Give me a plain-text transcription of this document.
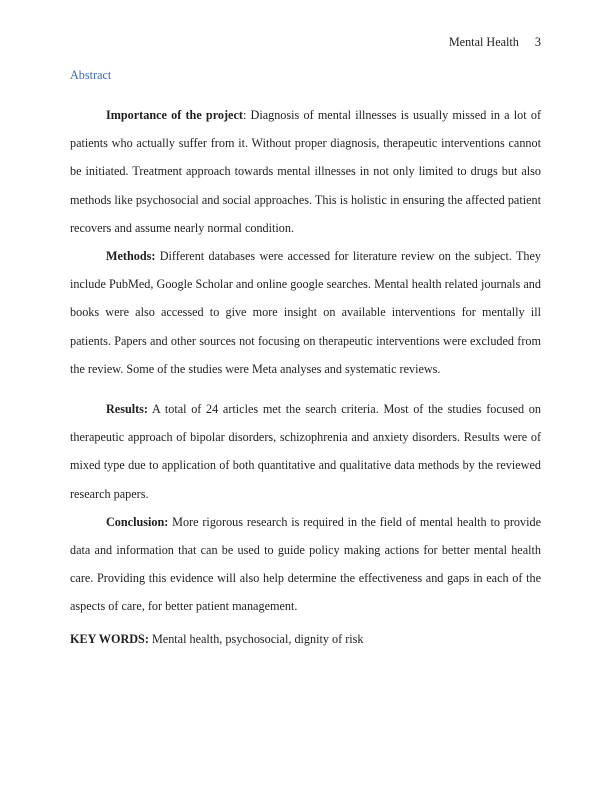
Mental Health 3
Abstract

Importance of the project: Diagnosis of mental illnesses is usually missed in a lot of patients who actually suffer from it. Without proper diagnosis, therapeutic interventions cannot be initiated. Treatment approach towards mental illnesses in not only limited to drugs but also methods like psychosocial and social approaches. This is holistic in ensuring the affected patient recovers and assume nearly normal condition.

Methods: Different databases were accessed for literature review on the subject. They include PubMed, Google Scholar and online google searches. Mental health related journals and books were also accessed to give more insight on available interventions for mentally ill patients. Papers and other sources not focusing on therapeutic interventions were excluded from the review. Some of the studies were Meta analyses and systematic reviews.

Results: A total of 24 articles met the search criteria. Most of the studies focused on therapeutic approach of bipolar disorders, schizophrenia and anxiety disorders. Results were of mixed type due to application of both quantitative and qualitative data methods by the reviewed research papers.

Conclusion: More rigorous research is required in the field of mental health to provide data and information that can be used to guide policy making actions for better mental health care. Providing this evidence will also help determine the effectiveness and gaps in each of the aspects of care, for better patient management.

KEY WORDS: Mental health, psychosocial, dignity of risk
